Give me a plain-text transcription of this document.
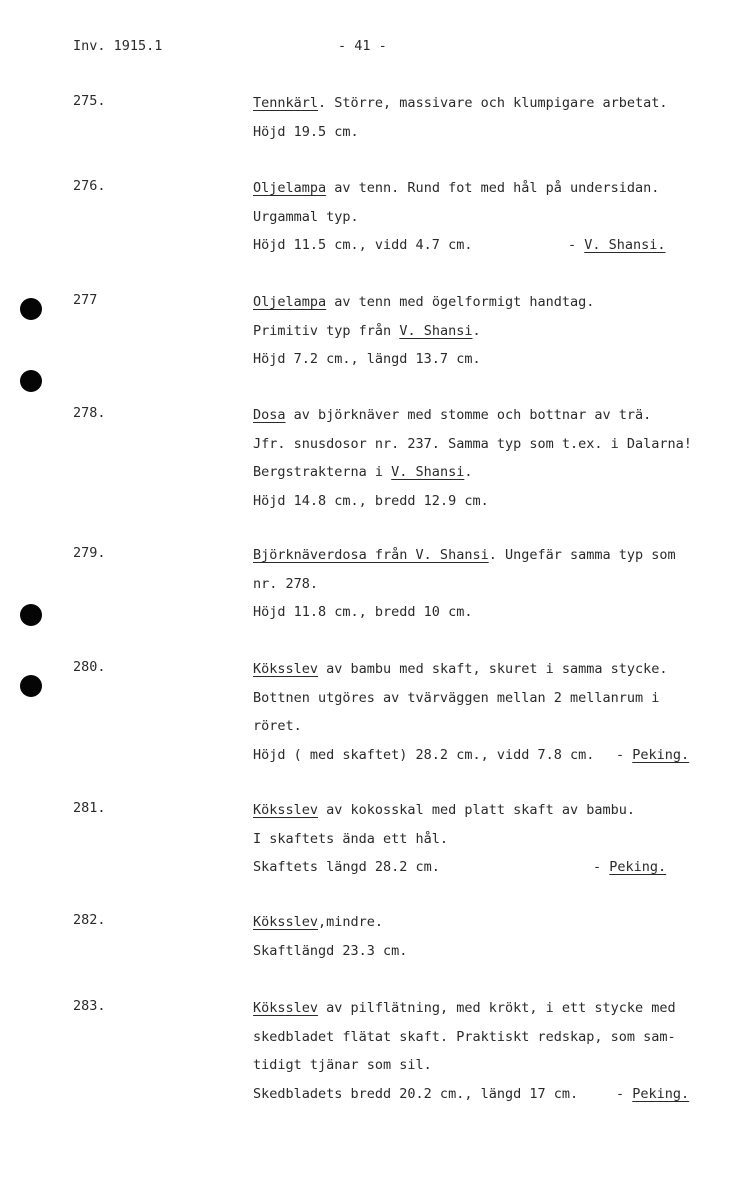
Inv. 1915.1	- 41 -
275.	Tennkärl. Större, massivare och klumpigare arbetat.
Höjd 19.5 cm.
276.	Oljelampa av tenn. Rund fot med hål på undersidan.
Urgammal typ.
Höjd 11.5 cm., vidd 4.7 cm.	- V. Shansi.
277	Oljelampa av tenn med ögelformigt handtag.
Primitiv typ från V. Shansi.
Höjd 7.2 cm., längd 13.7 cm.
278.	Dosa av björknäver med stomme och bottnar av trä.
Jfr. snusdosor nr. 237. Samma typ som t.ex. i Dalarna!
Bergstrakterna i V. Shansi.
Höjd 14.8 cm., bredd 12.9 cm.
279.	Björknäverdosa från V. Shansi. Ungefär samma typ som
nr. 278.
Höjd 11.8 cm., bredd 10 cm.
280.	Köksslev av bambu med skaft, skuret i samma stycke.
Bottnen utgöres av tvärväggen mellan 2 mellanrum i
röret.
Höjd ( med skaftet) 28.2 cm., vidd 7.8 cm. - Peking.
281.	Köksslev av kokosskal med platt skaft av bambu.
I skaftets ända ett hål.
Skaftets längd 28.2 cm.	- Peking.
282.	Köksslev,mindre.
Skaftlängd 23.3 cm.
283.	Köksslev av pilflätning, med krökt, i ett stycke med
skedbladet flätat skaft. Praktiskt redskap, som sam-
tidigt tjänar som sil.
Skedbladets bredd 20.2 cm., längd 17 cm.	- Peking.
